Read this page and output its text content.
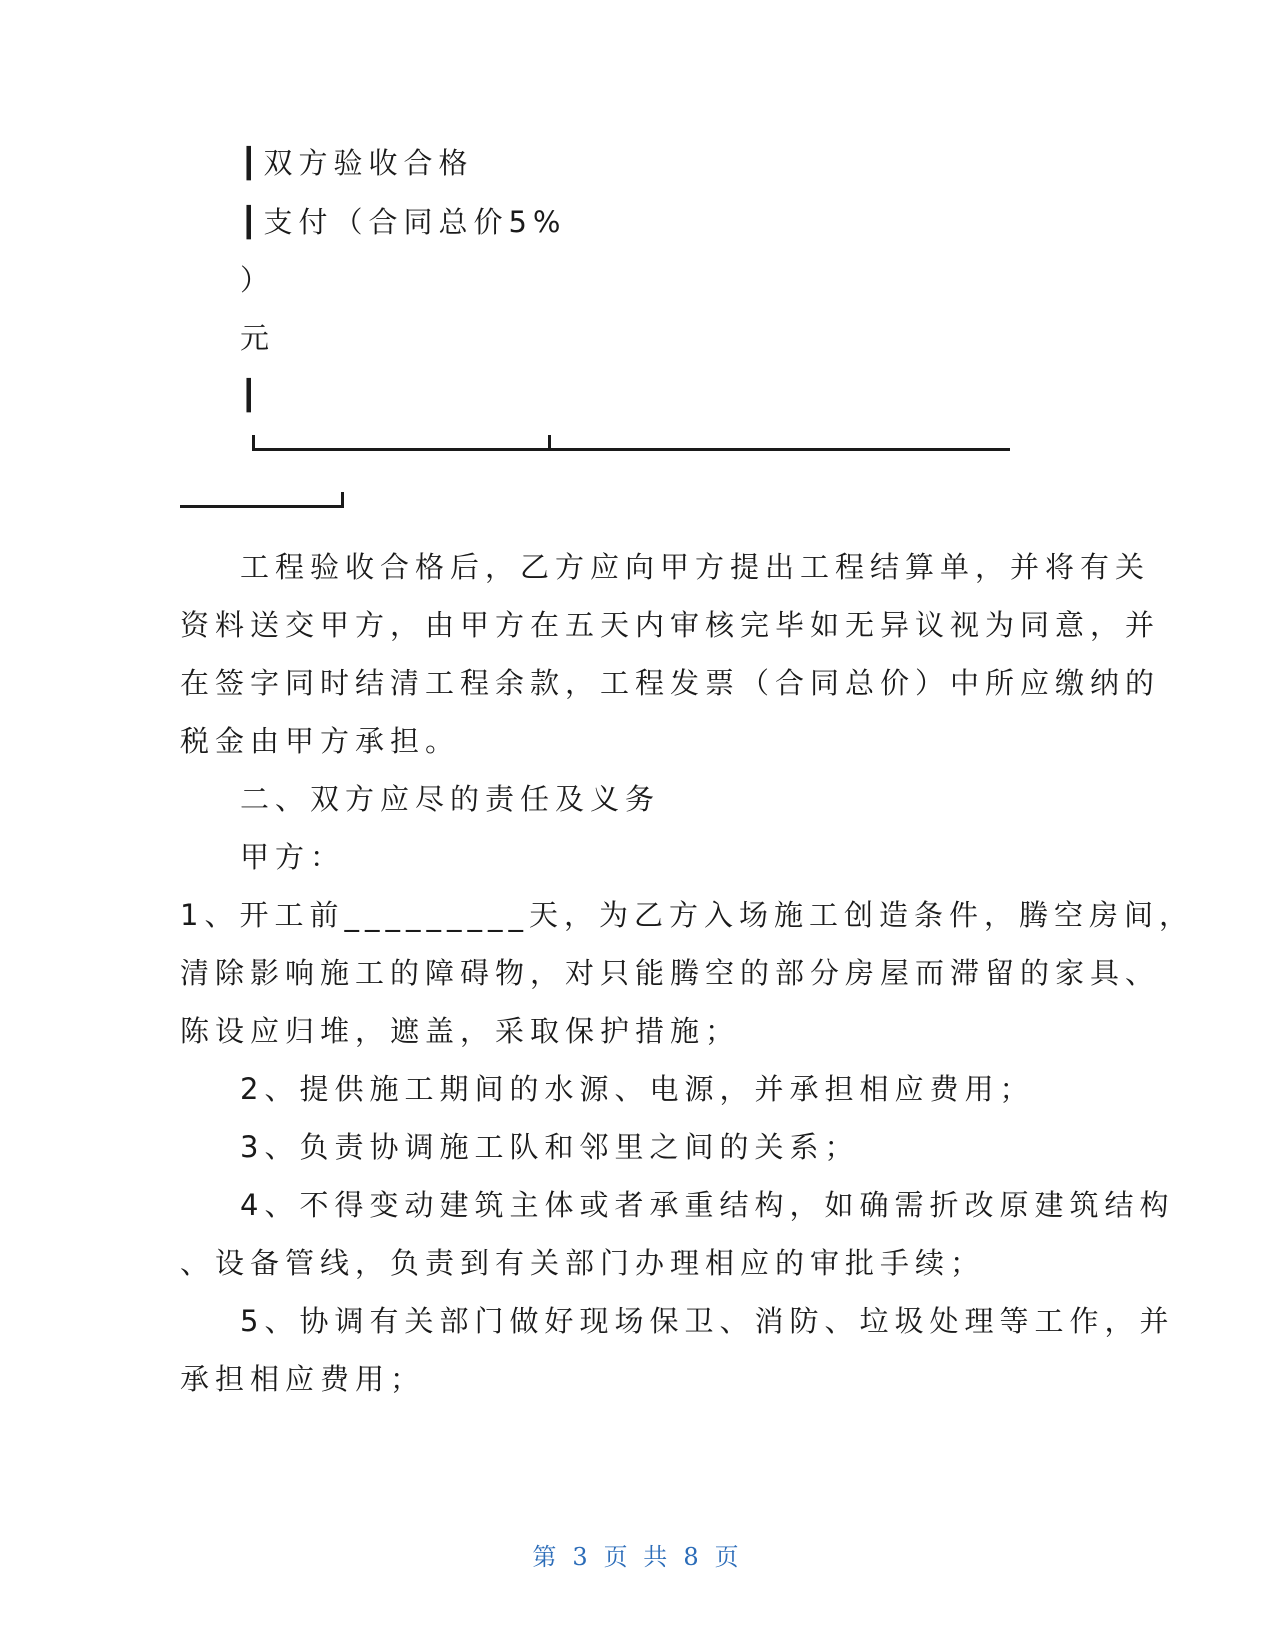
┃双方验收合格
┃支付（合同总价5%
）
元
┃
工程验收合格后，乙方应向甲方提出工程结算单，并将有关
资料送交甲方，由甲方在五天内审核完毕如无异议视为同意，并
在签字同时结清工程余款，工程发票（合同总价）中所应缴纳的
税金由甲方承担。
二、双方应尽的责任及义务
甲方：
1、开工前_________天，为乙方入场施工创造条件，腾空房间，
清除影响施工的障碍物，对只能腾空的部分房屋而滞留的家具、
陈设应归堆，遮盖，采取保护措施；
2、提供施工期间的水源、电源，并承担相应费用；
3、负责协调施工队和邻里之间的关系；
4、不得变动建筑主体或者承重结构，如确需折改原建筑结构
、设备管线，负责到有关部门办理相应的审批手续；
5、协调有关部门做好现场保卫、消防、垃圾处理等工作，并
承担相应费用；
第 3 页 共 8 页
